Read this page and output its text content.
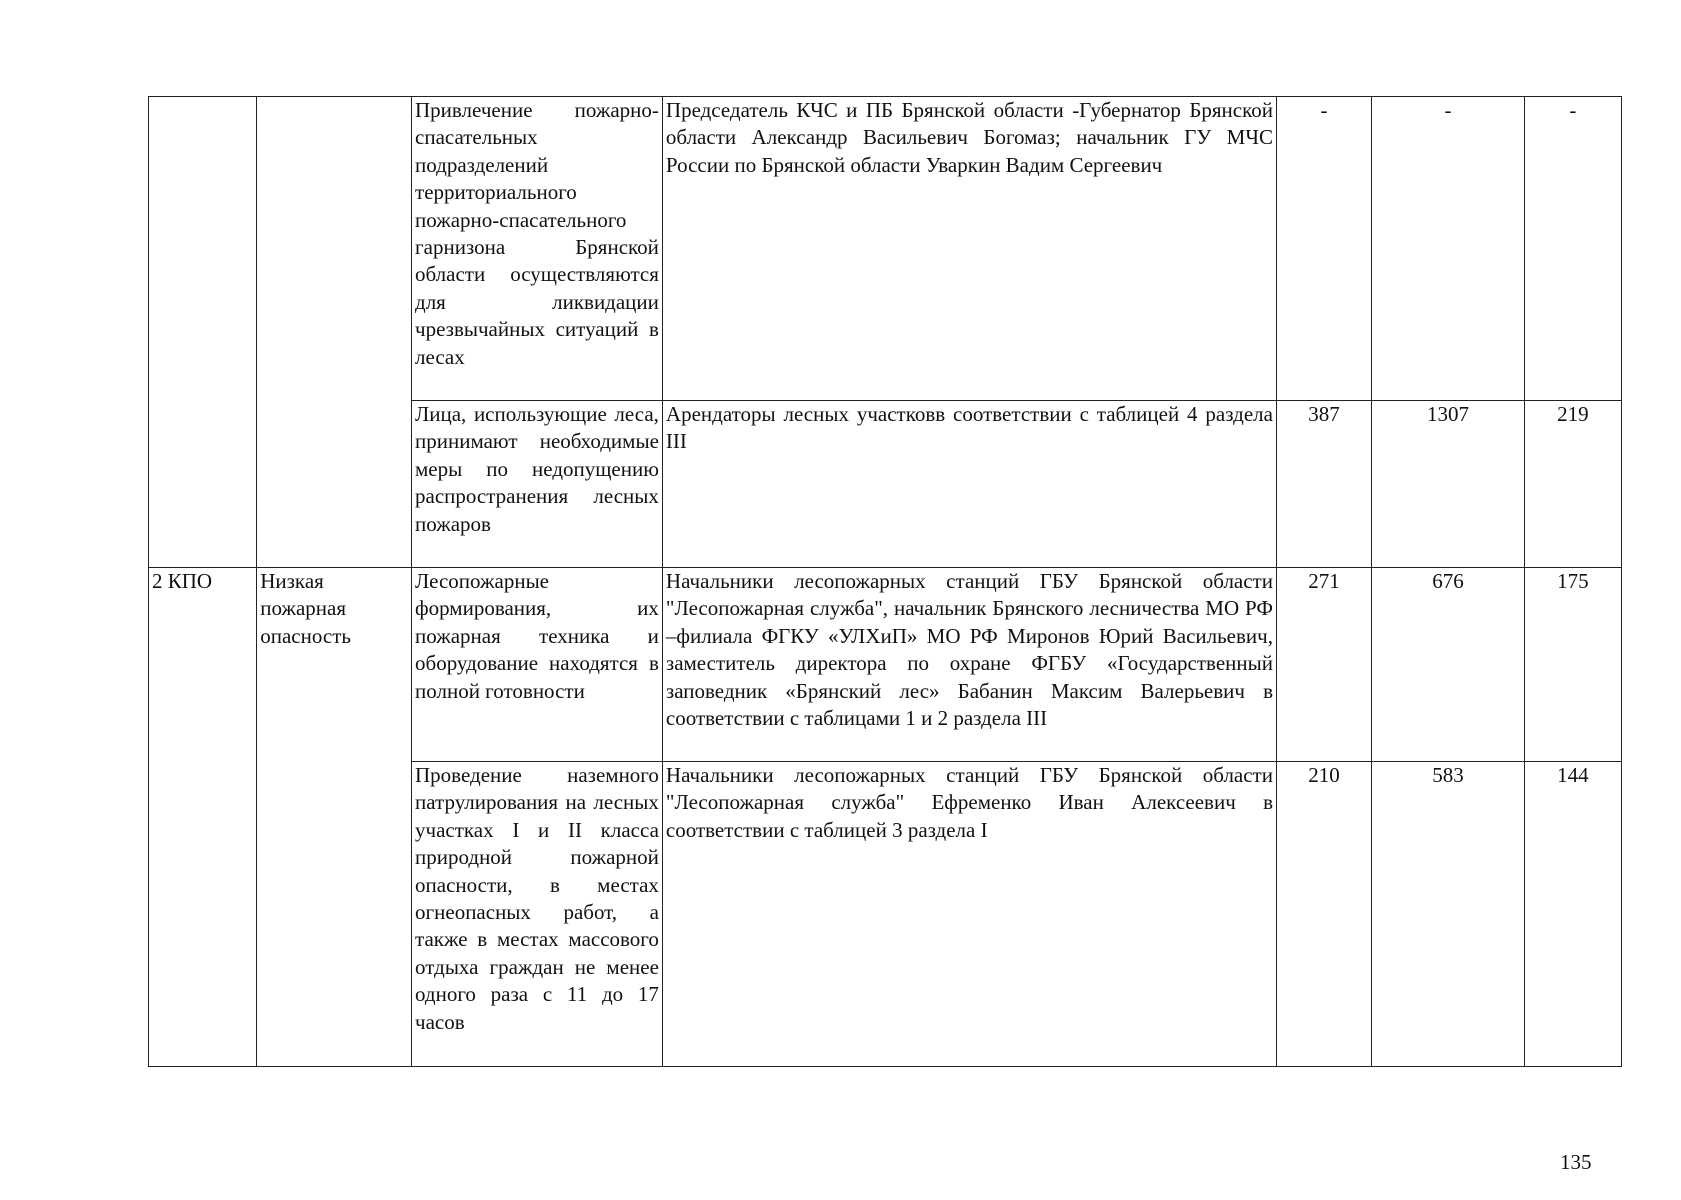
		Привлечение пожарно-спасательных подразделений территориального пожарно-спасательного гарнизона Брянской области осуществляются для ликвидации чрезвычайных ситуаций в лесах	Председатель КЧС и ПБ Брянской области -Губернатор Брянской области Александр Васильевич Богомаз; начальник ГУ МЧС России по Брянской области Уваркин Вадим Сергеевич	-	-	-
		Лица, использующие леса, принимают необходимые меры по недопущению распространения лесных пожаров	Арендаторы лесных участковв соответствии с таблицей 4 раздела III	387	1307	219
2 КПО	Низкая пожарная опасность	Лесопожарные формирования, их пожарная техника и оборудование находятся в полной готовности	Начальники лесопожарных станций ГБУ Брянской области "Лесопожарная служба", начальник Брянского лесничества МО РФ –филиала ФГКУ «УЛХиП» МО РФ Миронов Юрий Васильевич, заместитель директора по охране ФГБУ «Государственный заповедник «Брянский лес» Бабанин Максим Валерьевич в соответствии с таблицами 1 и 2 раздела III	271	676	175
		Проведение наземного патрулирования на лесных участках I и II класса природной пожарной опасности, в местах огнеопасных работ, а также в местах массового отдыха граждан не менее одного раза с 11 до 17 часов	Начальники лесопожарных станций ГБУ Брянской области "Лесопожарная служба" Ефременко Иван Алексеевич в соответствии с таблицей 3 раздела I	210	583	144
135
